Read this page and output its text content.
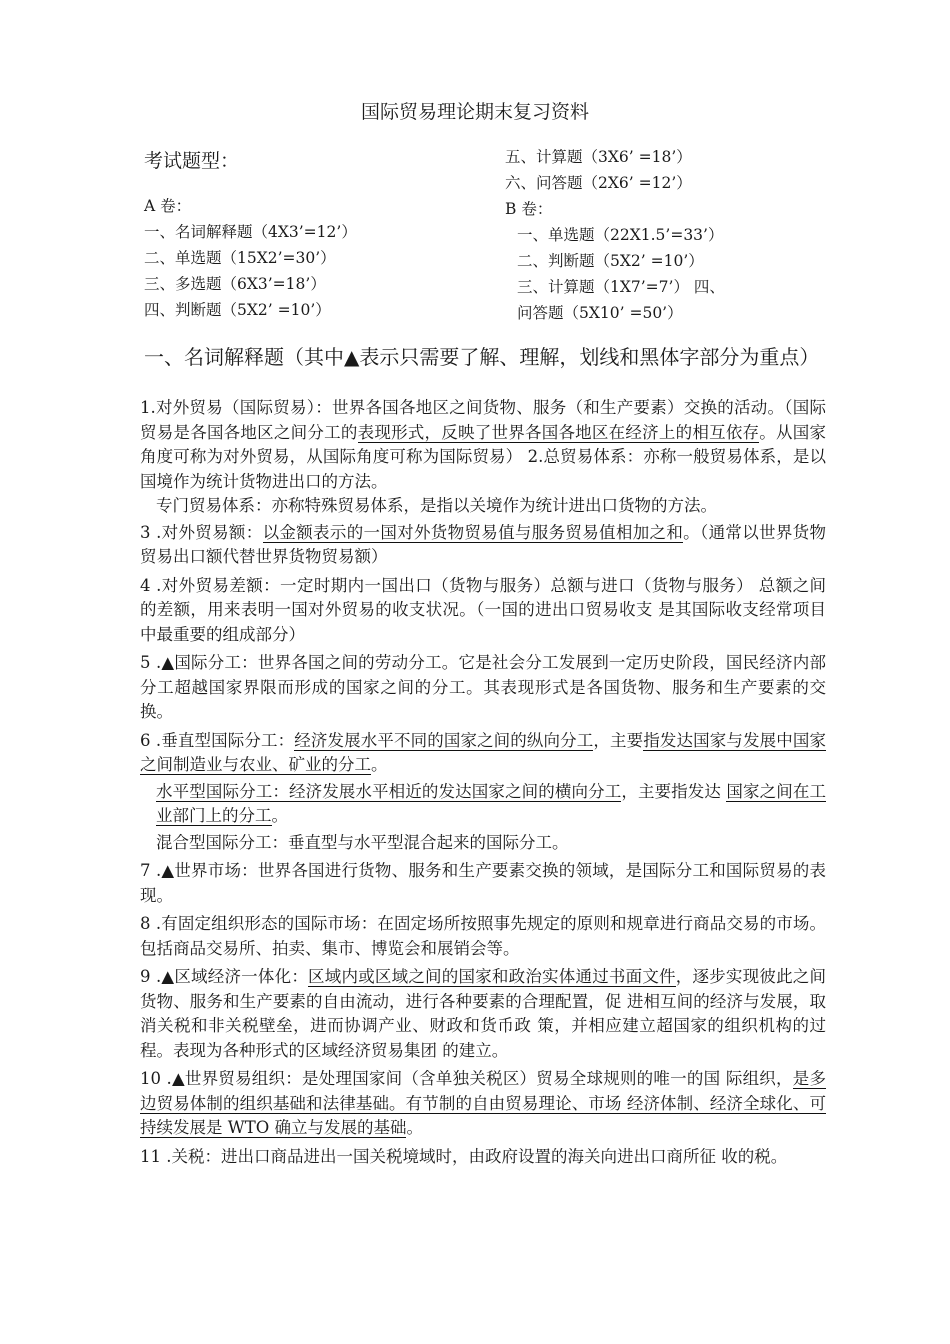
国际贸易理论期末复习资料
考试题型：
A 卷：
一、名词解释题（4X3’=12’）
二、单选题（15X2’=30’）
三、多选题（6X3’=18’）
四、判断题（5X2’ =10’）
五、计算题（3X6’ =18’）
六、问答题（2X6’ =12’）
B 卷：
一、单选题（22X1.5’=33’）
二、判断题（5X2’ =10’）
三、计算题（1X7’=7’） 四、
问答题（5X10’ =50’）
一、名词解释题（其中▲表示只需要了解、理解，划线和黑体字部分为重点）

1.对外贸易（国际贸易）：世界各国各地区之间货物、服务（和生产要素）交换的活动。（国际贸易是各国各地区之间分工的表现形式，反映了世界各国各地区在经济上的相互依存。从国家角度可称为对外贸易，从国际角度可称为国际贸易） 2.总贸易体系：亦称一般贸易体系，是以国境作为统计货物进出口的方法。

专门贸易体系：亦称特殊贸易体系，是指以关境作为统计进出口货物的方法。

3 .对外贸易额：以金额表示的一国对外货物贸易值与服务贸易值相加之和。（通常以世界货物贸易出口额代替世界货物贸易额）

4 .对外贸易差额：一定时期内一国出口（货物与服务）总额与进口（货物与服务） 总额之间的差额，用来表明一国对外贸易的收支状况。（一国的进出口贸易收支 是其国际收支经常项目中最重要的组成部分）

5 .▲国际分工：世界各国之间的劳动分工。它是社会分工发展到一定历史阶段，国民经济内部分工超越国家界限而形成的国家之间的分工。其表现形式是各国货物、服务和生产要素的交换。

6 .垂直型国际分工：经济发展水平不同的国家之间的纵向分工，主要指发达国家与发展中国家之间制造业与农业、矿业的分工。

水平型国际分工：经济发展水平相近的发达国家之间的横向分工，主要指发达 国家之间在工业部门上的分工。

混合型国际分工：垂直型与水平型混合起来的国际分工。

7 .▲世界市场：世界各国进行货物、服务和生产要素交换的领域，是国际分工和国际贸易的表现。

8 .有固定组织形态的国际市场：在固定场所按照事先规定的原则和规章进行商品交易的市场。包括商品交易所、拍卖、集市、博览会和展销会等。

9 .▲区域经济一体化：区域内或区域之间的国家和政治实体通过书面文件，逐步实现彼此之间货物、服务和生产要素的自由流动，进行各种要素的合理配置，促 进相互间的经济与发展，取消关税和非关税壁垒，进而协调产业、财政和货币政 策，并相应建立超国家的组织机构的过程。表现为各种形式的区域经济贸易集团 的建立。

10 .▲世界贸易组织：是处理国家间（含单独关税区）贸易全球规则的唯一的国 际组织，是多边贸易体制的组织基础和法律基础。有节制的自由贸易理论、市场 经济体制、经济全球化、可持续发展是 WTO 确立与发展的基础。

11 .关税：进出口商品进出一国关税境域时，由政府设置的海关向进出口商所征 收的税。
